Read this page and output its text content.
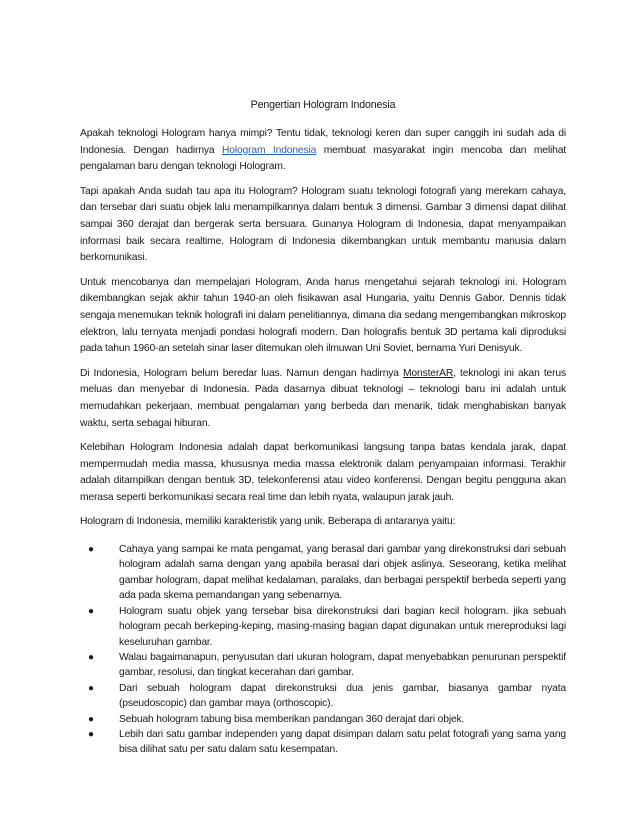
Pengertian Hologram Indonesia

Apakah teknologi Hologram hanya mimpi? Tentu tidak, teknologi keren dan super canggih ini sudah ada di Indonesia. Dengan hadirnya Hologram Indonesia membuat masyarakat ingin mencoba dan melihat pengalaman baru dengan teknologi Hologram.

Tapi apakah Anda sudah tau apa itu Hologram? Hologram suatu teknologi fotografi yang merekam cahaya, dan tersebar dari suatu objek lalu menampilkannya dalam bentuk 3 dimensi. Gambar 3 dimensi dapat dilihat sampai 360 derajat dan bergerak serta bersuara. Gunanya Hologram di Indonesia, dapat menyampaikan informasi baik secara realtime. Hologram di Indonesia dikembangkan untuk membantu manusia dalam berkomunikasi.

Untuk mencobanya dan mempelajari Hologram, Anda harus mengetahui sejarah teknologi ini. Hologram dikembangkan sejak akhir tahun 1940-an oleh fisikawan asal Hungaria, yaitu Dennis Gabor. Dennis tidak sengaja menemukan teknik holografi ini dalam penelitiannya, dimana dia sedang mengembangkan mikroskop elektron, lalu ternyata menjadi pondasi holografi modern. Dan holografis bentuk 3D pertama kali diproduksi pada tahun 1960-an setelah sinar laser ditemukan oleh ilmuwan Uni Soviet, bernama Yuri Denisyuk.

Di Indonesia, Hologram belum beredar luas. Namun dengan hadirnya MonsterAR, teknologi ini akan terus meluas dan menyebar di Indonesia. Pada dasarnya dibuat teknologi – teknologi baru ini adalah untuk memudahkan pekerjaan, membuat pengalaman yang berbeda dan menarik, tidak menghabiskan banyak waktu, serta sebagai hiburan.

Kelebihan Hologram Indonesia adalah dapat berkomunikasi langsung tanpa batas kendala jarak, dapat mempermudah media massa, khususnya media massa elektronik dalam penyampaian informasi. Terakhir adalah ditampilkan dengan bentuk 3D, telekonferensi atau video konferensi. Dengan begitu pengguna akan merasa seperti berkomunikasi secara real time dan lebih nyata, walaupun jarak jauh.

Hologram di Indonesia, memiliki karakteristik yang unik. Beberapa di antaranya yaitu:

● Cahaya yang sampai ke mata pengamat, yang berasal dari gambar yang direkonstruksi dari sebuah hologram adalah sama dengan yang apabila berasal dari objek aslinya. Seseorang, ketika melihat gambar hologram, dapat melihat kedalaman, paralaks, dan berbagai perspektif berbeda seperti yang ada pada skema pemandangan yang sebenarnya.
● Hologram suatu objek yang tersebar bisa direkonstruksi dari bagian kecil hologram. jika sebuah hologram pecah berkeping-keping, masing-masing bagian dapat digunakan untuk mereproduksi lagi keseluruhan gambar.
● Walau bagaimanapun, penyusutan dari ukuran hologram, dapat menyebabkan penurunan perspektif gambar, resolusi, dan tingkat kecerahan dari gambar.
● Dari sebuah hologram dapat direkonstruksi dua jenis gambar, biasanya gambar nyata (pseudoscopic) dan gambar maya (orthoscopic).
● Sebuah hologram tabung bisa memberikan pandangan 360 derajat dari objek.
● Lebih dari satu gambar independen yang dapat disimpan dalam satu pelat fotografi yang sama yang bisa dilihat satu per satu dalam satu kesempatan.
